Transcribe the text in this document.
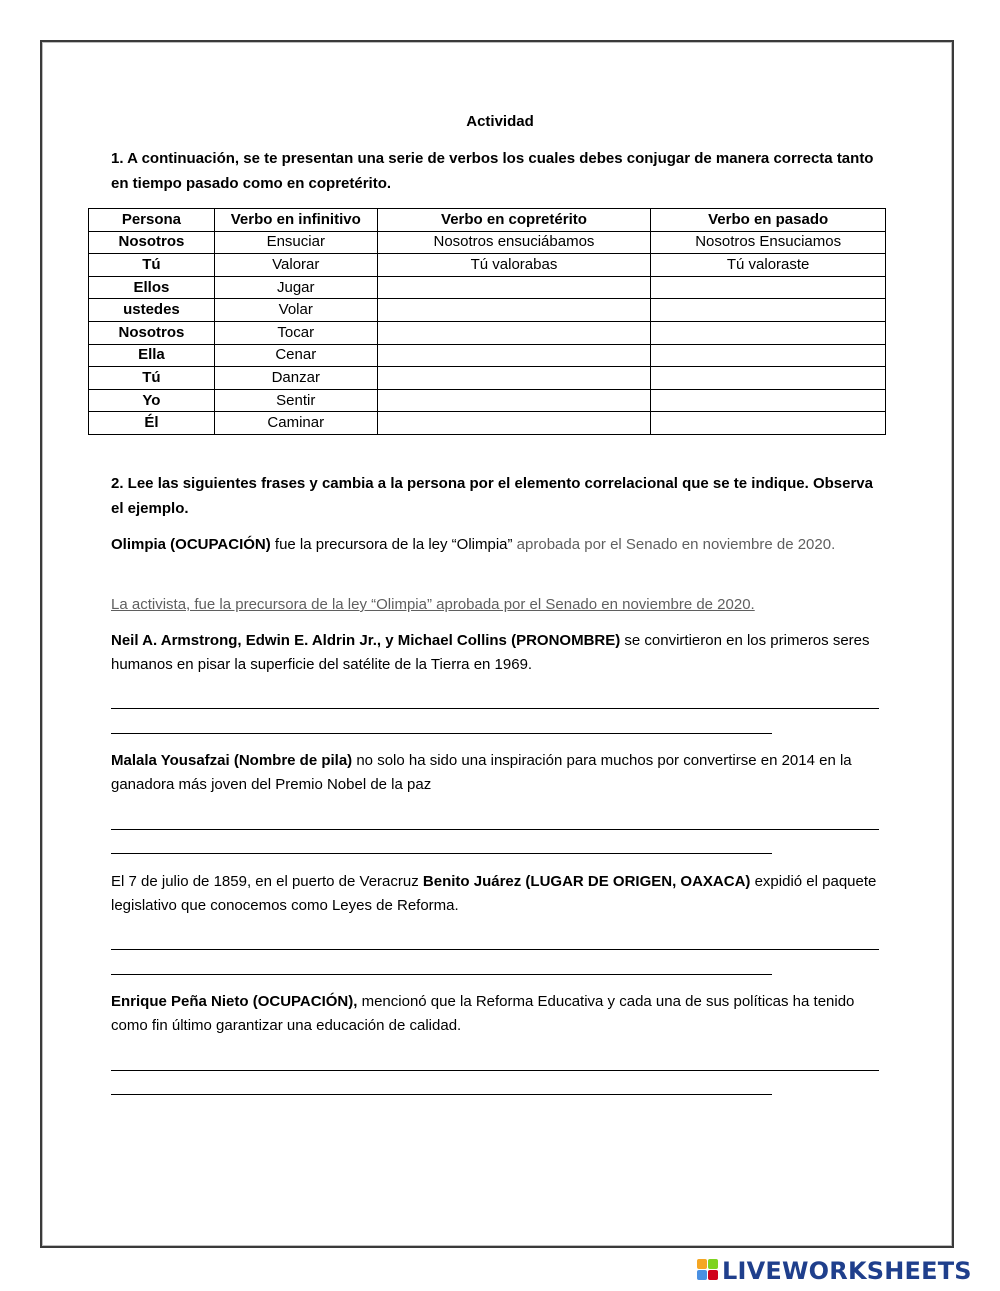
Actividad
1. A continuación, se te presentan una serie de verbos los cuales debes conjugar de manera correcta tanto en tiempo pasado como en copretérito.
Persona	Verbo en infinitivo	Verbo en copretérito	Verbo en pasado
Nosotros	Ensuciar	Nosotros ensuciábamos	Nosotros Ensuciamos
Tú	Valorar	Tú valorabas	Tú valoraste
Ellos	Jugar		
ustedes	Volar		
Nosotros	Tocar		
Ella	Cenar		
Tú	Danzar		
Yo	Sentir		
Él	Caminar		
2. Lee las siguientes frases y cambia a la persona por el elemento correlacional que se te indique. Observa el ejemplo.
Olimpia (OCUPACIÓN) fue la precursora de la ley “Olimpia” aprobada por el Senado en noviembre de 2020.
La activista, fue la precursora de la ley “Olimpia” aprobada por el Senado en noviembre de 2020.
Neil A. Armstrong, Edwin E. Aldrin Jr., y Michael Collins (PRONOMBRE) se convirtieron en los primeros seres humanos en pisar la superficie del satélite de la Tierra en 1969.
Malala Yousafzai (Nombre de pila) no solo ha sido una inspiración para muchos por convertirse en 2014 en la ganadora más joven del Premio Nobel de la paz
El 7 de julio de 1859, en el puerto de Veracruz Benito Juárez (LUGAR DE ORIGEN, OAXACA) expidió el paquete legislativo que conocemos como Leyes de Reforma.
Enrique Peña Nieto (OCUPACIÓN), mencionó que la Reforma Educativa y cada una de sus políticas ha tenido como fin último garantizar una educación de calidad.
LIVEWORKSHEETS
